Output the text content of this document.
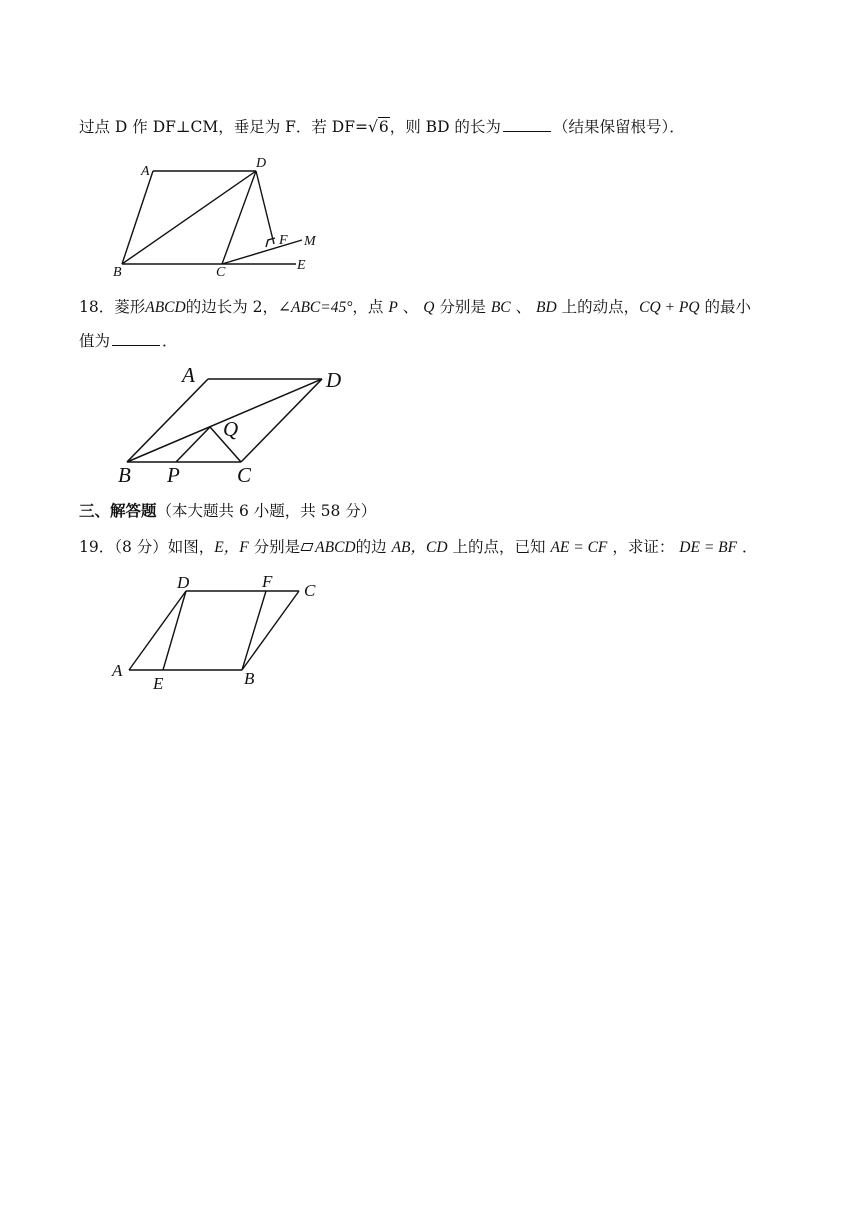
过点 D 作 DF⊥CM，垂足为 F．若 DF=√6，则 BD 的长为	（结果保留根号）．
A
D
F M
B	C	E
18．菱形ABCD的边长为 2，∠ABC=45°，点 P 、 Q 分别是 BC 、 BD 上的动点，CQ + PQ 的最小
值为	．
A	D
Q
B P	C
三、解答题（本大题共 6 小题，共 58 分）
19．（8 分）如图，E，F 分别是 ABCD的边 AB，CD 上的点，已知 AE = CF ，求证： DE = BF ．
D	F C
A
E	B
